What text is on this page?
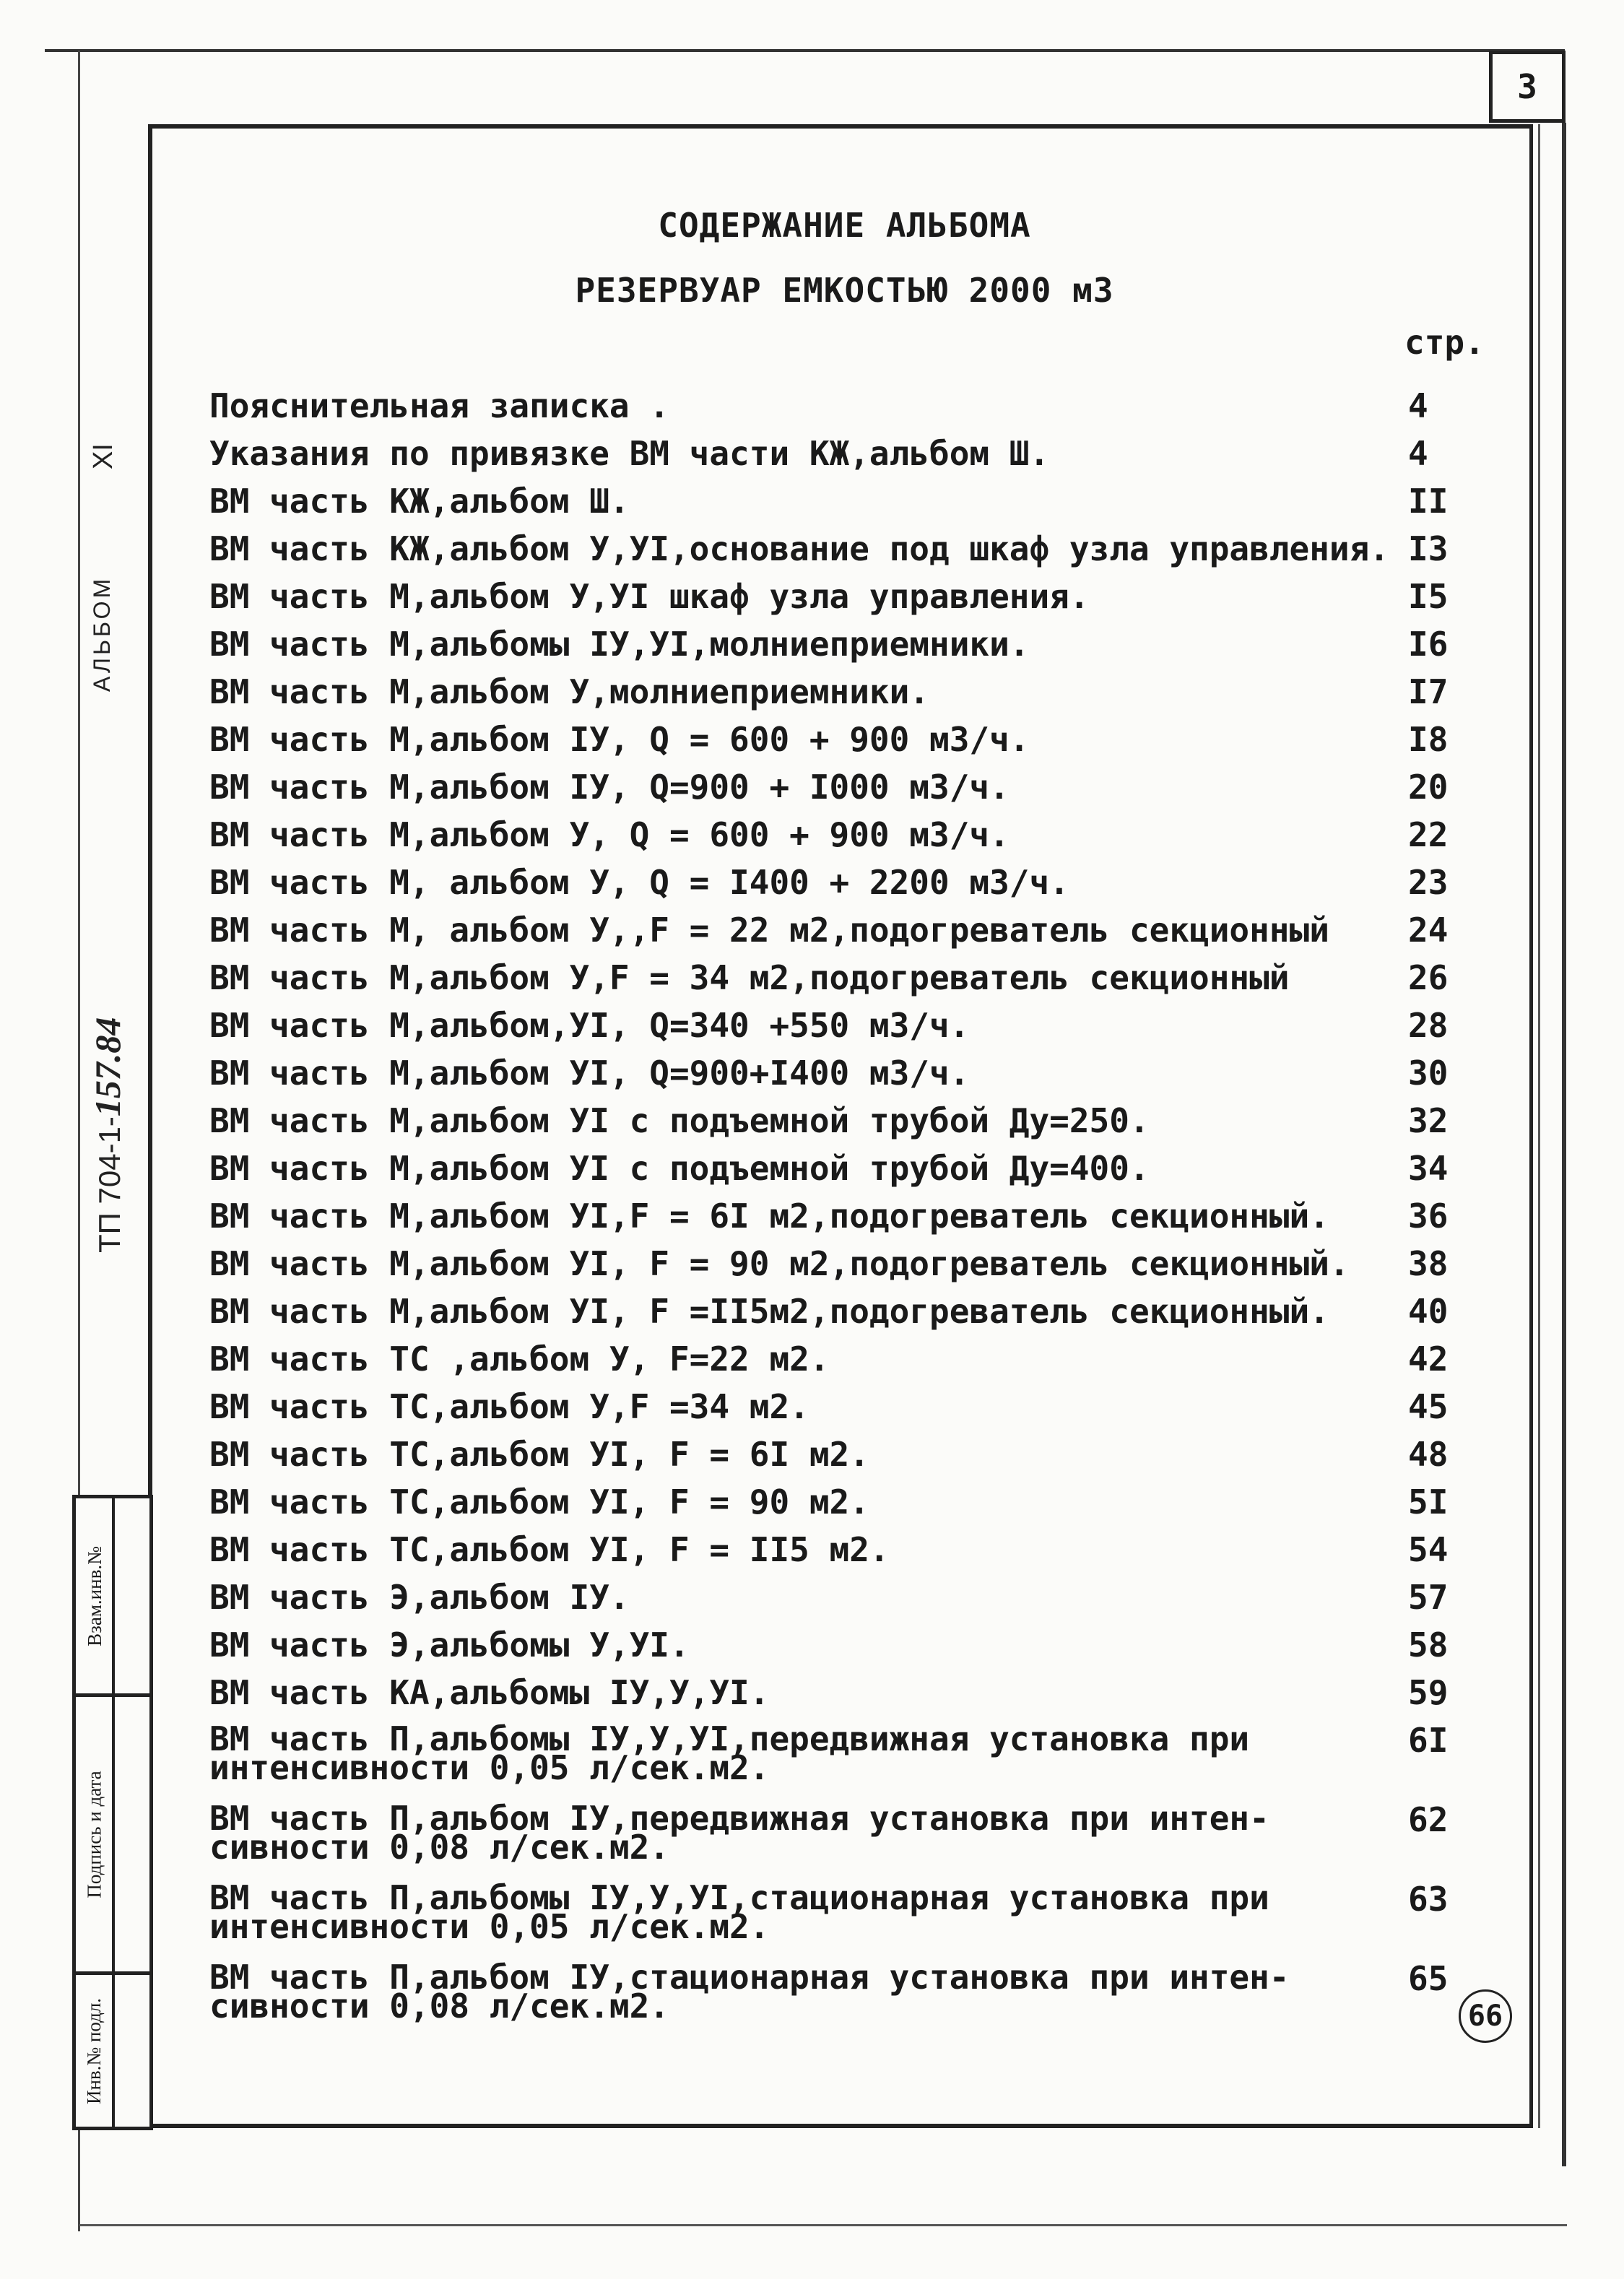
3
XI
АЛЬБОМ
ТП 704-1-157.84
Взам.инв.№
Подпись и дата
Инв.№ подл.
СОДЕРЖАНИЕ АЛЬБОМА
РЕЗЕРВУАР ЕМКОСТЬЮ 2000 м3
стр.
Пояснительная записка .	4
Указания по привязке ВМ части КЖ,альбом Ш.	4
ВМ часть КЖ,альбом Ш.	II
ВМ часть КЖ,альбом У,УI,основание под шкаф узла управления. I3
ВМ часть М,альбом У,УI шкаф узла управления.	I5
ВМ часть М,альбомы IУ,УI,молниеприемники.	I6
ВМ часть М,альбом У,молниеприемники.	I7
ВМ часть М,альбом IУ, Q = 600 + 900 м3/ч.	I8
ВМ часть М,альбом IУ, Q=900 + I000 м3/ч.	20
ВМ часть М,альбом У, Q = 600 + 900 м3/ч.	22
ВМ часть М, альбом У, Q = I400 + 2200 м3/ч.	23
ВМ часть М, альбом У,,F = 22 м2,подогреватель секционный	24
ВМ часть М,альбом У,F = 34 м2,подогреватель секционный	26
ВМ часть М,альбом,УI, Q=340 +550 м3/ч.	28
ВМ часть М,альбом УI, Q=900+I400 м3/ч.	30
ВМ часть М,альбом УI с подъемной трубой Ду=250.	32
ВМ часть М,альбом УI с подъемной трубой Ду=400.	34
ВМ часть М,альбом УI,F = 6I м2,подогреватель секционный.	36
ВМ часть М,альбом УI, F = 90 м2,подогреватель секционный.	38
ВМ часть М,альбом УI, F =II5м2,подогреватель секционный.	40
ВМ часть ТС ,альбом У, F=22 м2.	42
ВМ часть ТС,альбом У,F =34 м2.	45
ВМ часть ТС,альбом УI, F = 6I м2.	48
ВМ часть ТС,альбом УI, F = 90 м2.	5I
ВМ часть ТС,альбом УI, F = II5 м2.	54
ВМ часть Э,альбом IУ.	57
ВМ часть Э,альбомы У,УI.	58
ВМ часть КА,альбомы IУ,У,УI.	59
ВМ часть П,альбомы IУ,У,УI,передвижная установка при
интенсивности 0,05 л/сек.м2.
6I
ВМ часть П,альбом IУ,передвижная установка при интен-
сивности 0,08 л/сек.м2.
62
ВМ часть П,альбомы IУ,У,УI,стационарная установка при
интенсивности 0,05 л/сек.м2.
63
ВМ часть П,альбом IУ,стационарная установка при интен-
сивности 0,08 л/сек.м2.
65
66
